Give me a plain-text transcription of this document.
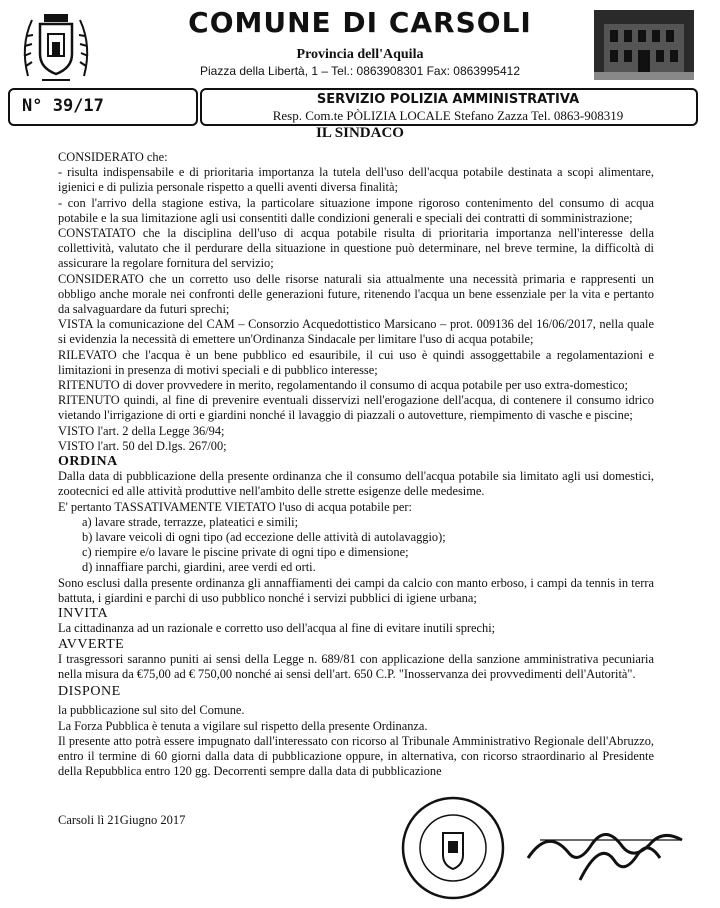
COMUNE DI CARSOLI
Provincia dell'Aquila
Piazza della Libertà, 1 – Tel.: 0863908301 Fax: 0863995412
N° 39/17	SERVIZIO POLIZIA AMMINISTRATIVA
Resp. Com.te PÒLIZIA LOCALE Stefano Zazza Tel. 0863-908319
IL SINDACO

CONSIDERATO che:

- risulta indispensabile e di prioritaria importanza la tutela dell'uso dell'acqua potabile destinata a scopi alimentare, igienici e di pulizia personale rispetto a quelli aventi diversa finalità;

- con l'arrivo della stagione estiva, la particolare situazione impone rigoroso contenimento del consumo di acqua potabile e la sua limitazione agli usi consentiti dalle condizioni generali e speciali dei contratti di somministrazione;

CONSTATATO che la disciplina dell'uso di acqua potabile risulta di prioritaria importanza nell'interesse della collettività, valutato che il perdurare della situazione in questione può determinare, nel breve termine, la difficoltà di assicurare la regolare fornitura del servizio;

CONSIDERATO che un corretto uso delle risorse naturali sia attualmente una necessità primaria e rappresenti un obbligo anche morale nei confronti delle generazioni future, ritenendo l'acqua un bene essenziale per la vita e pertanto da salvaguardare da futuri sprechi;

VISTA la comunicazione del CAM – Consorzio Acquedottistico Marsicano – prot. 009136 del 16/06/2017, nella quale si evidenzia la necessità di emettere un'Ordinanza Sindacale per limitare l'uso di acqua potabile;

RILEVATO che l'acqua è un bene pubblico ed esauribile, il cui uso è quindi assoggettabile a regolamentazioni e limitazioni in presenza di motivi speciali e di pubblico interesse;

RITENUTO di dover provvedere in merito, regolamentando il consumo di acqua potabile per uso extra-domestico;

RITENUTO quindi, al fine di prevenire eventuali disservizi nell'erogazione dell'acqua, di contenere il consumo idrico vietando l'irrigazione di orti e giardini nonché il lavaggio di piazzali o autovetture, riempimento di vasche e piscine;

VISTO l'art. 2 della Legge 36/94;

VISTO l'art. 50 del D.lgs. 267/00;

ORDINA

Dalla data di pubblicazione della presente ordinanza che il consumo dell'acqua potabile sia limitato agli usi domestici, zootecnici ed alle attività produttive nell'ambito delle strette esigenze delle medesime.

E' pertanto TASSATIVAMENTE VIETATO l'uso di acqua potabile per:

a) lavare strade, terrazze, plateatici e simili;
b) lavare veicoli di ogni tipo (ad eccezione delle attività di autolavaggio);
c) riempire e/o lavare le piscine private di ogni tipo e dimensione;
d) innaffiare parchi, giardini, aree verdi ed orti.

Sono esclusi dalla presente ordinanza gli annaffiamenti dei campi da calcio con manto erboso, i campi da tennis in terra battuta, i giardini e parchi di uso pubblico nonché i servizi pubblici di igiene urbana;

INVITA

La cittadinanza ad un razionale e corretto uso dell'acqua al fine di evitare inutili sprechi;

AVVERTE

I trasgressori saranno puniti ai sensi della Legge n. 689/81 con applicazione della sanzione amministrativa pecuniaria nella misura da €75,00 ad € 750,00 nonché ai sensi dell'art. 650 C.P. "Inosservanza dei provvedimenti dell'Autorità".

DISPONE

la pubblicazione sul sito del Comune.

La Forza Pubblica è tenuta a vigilare sul rispetto della presente Ordinanza.

Il presente atto potrà essere impugnato dall'interessato con ricorso al Tribunale Amministrativo Regionale dell'Abruzzo, entro il termine di 60 giorni dalla data di pubblicazione oppure, in alternativa, con ricorso straordinario al Presidente della Repubblica entro 120 gg. Decorrenti sempre dalla data di pubblicazione

Carsoli lì 21Giugno 2017
